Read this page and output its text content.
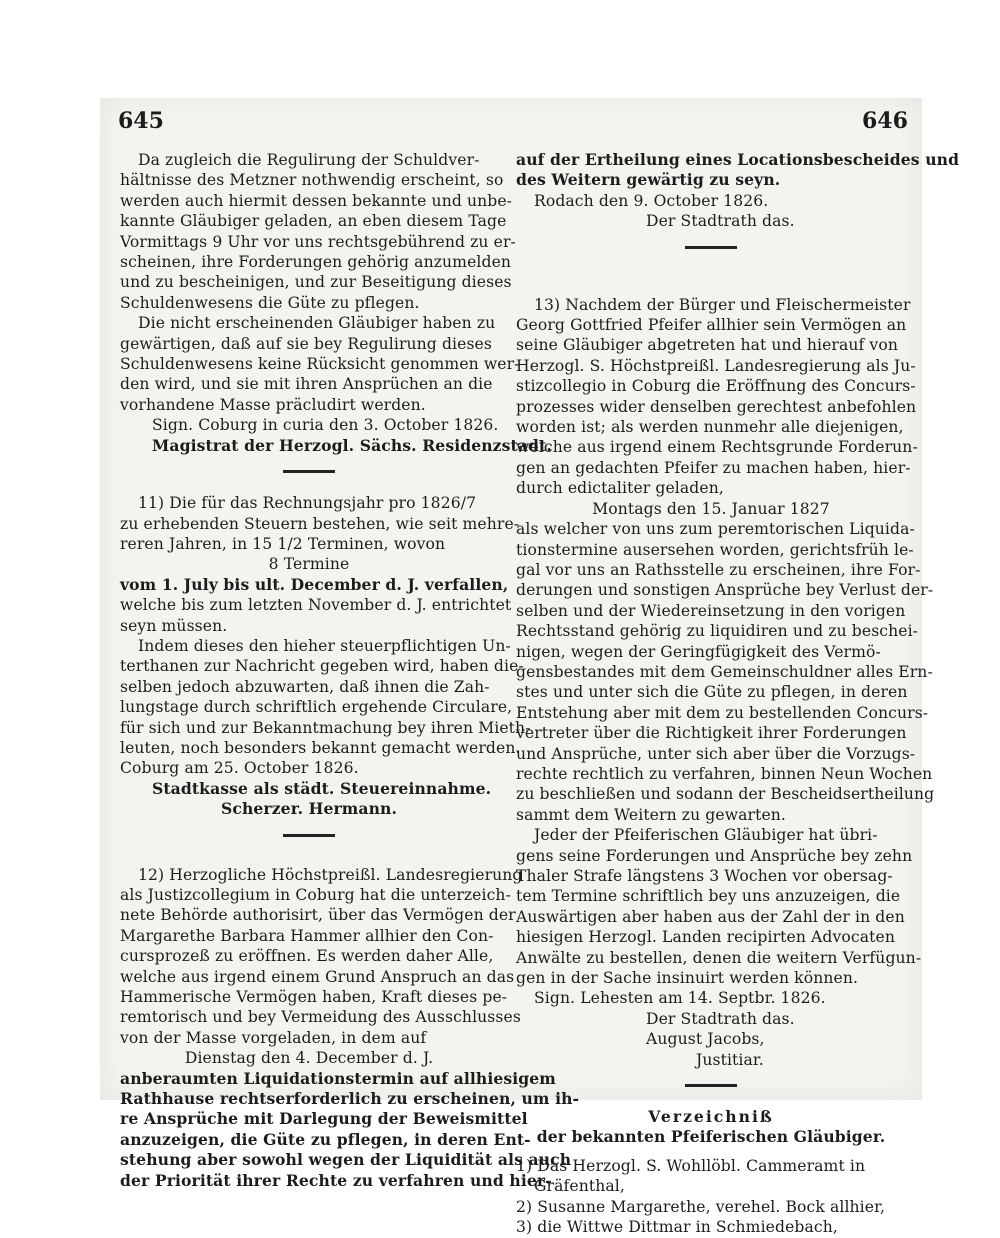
645	646
Da zugleich die Regulirung der Schuldver-
hältnisse des Metzner nothwendig erscheint, so
werden auch hiermit dessen bekannte und unbe-
kannte Gläubiger geladen, an eben diesem Tage
Vormittags 9 Uhr vor uns rechtsgebührend zu er-
scheinen, ihre Forderungen gehörig anzumelden
und zu bescheinigen, und zur Beseitigung dieses
Schuldenwesens die Güte zu pflegen.
Die nicht erscheinenden Gläubiger haben zu
gewärtigen, daß auf sie bey Regulirung dieses
Schuldenwesens keine Rücksicht genommen wer-
den wird, und sie mit ihren Ansprüchen an die
vorhandene Masse präcludirt werden.
Sign. Coburg in curia den 3. October 1826.
Magistrat der Herzogl. Sächs. Residenzstadt.
11) Die für das Rechnungsjahr pro 1826/7
zu erhebenden Steuern bestehen, wie seit mehre-
reren Jahren, in 15 1/2 Terminen, wovon
8 Termine
vom 1. July bis ult. December d. J. verfallen,
welche bis zum letzten November d. J. entrichtet
seyn müssen.
Indem dieses den hieher steuerpflichtigen Un-
terthanen zur Nachricht gegeben wird, haben die-
selben jedoch abzuwarten, daß ihnen die Zah-
lungstage durch schriftlich ergehende Circulare,
für sich und zur Bekanntmachung bey ihren Mieth-
leuten, noch besonders bekannt gemacht werden.
Coburg am 25. October 1826.
Stadtkasse als städt. Steuereinnahme.
Scherzer. Hermann.
12) Herzogliche Höchstpreißl. Landesregierung
als Justizcollegium in Coburg hat die unterzeich-
nete Behörde authorisirt, über das Vermögen der
Margarethe Barbara Hammer allhier den Con-
cursprozeß zu eröffnen. Es werden daher Alle,
welche aus irgend einem Grund Anspruch an das
Hammerische Vermögen haben, Kraft dieses pe-
remtorisch und bey Vermeidung des Ausschlusses
von der Masse vorgeladen, in dem auf
Dienstag den 4. December d. J.
anberaumten Liquidationstermin auf allhiesigem
Rathhause rechtserforderlich zu erscheinen, um ih-
re Ansprüche mit Darlegung der Beweismittel
anzuzeigen, die Güte zu pflegen, in deren Ent-
stehung aber sowohl wegen der Liquidität als auch
der Priorität ihrer Rechte zu verfahren und hier-
auf der Ertheilung eines Locationsbescheides und
des Weitern gewärtig zu seyn.
Rodach den 9. October 1826.
Der Stadtrath das.
13) Nachdem der Bürger und Fleischermeister
Georg Gottfried Pfeifer allhier sein Vermögen an
seine Gläubiger abgetreten hat und hierauf von
Herzogl. S. Höchstpreißl. Landesregierung als Ju-
stizcollegio in Coburg die Eröffnung des Concurs-
prozesses wider denselben gerechtest anbefohlen
worden ist; als werden nunmehr alle diejenigen,
welche aus irgend einem Rechtsgrunde Forderun-
gen an gedachten Pfeifer zu machen haben, hier-
durch edictaliter geladen,
Montags den 15. Januar 1827
als welcher von uns zum peremtorischen Liquida-
tionstermine ausersehen worden, gerichtsfrüh le-
gal vor uns an Rathsstelle zu erscheinen, ihre For-
derungen und sonstigen Ansprüche bey Verlust der-
selben und der Wiedereinsetzung in den vorigen
Rechtsstand gehörig zu liquidiren und zu beschei-
nigen, wegen der Geringfügigkeit des Vermö-
gensbestandes mit dem Gemeinschuldner alles Ern-
stes und unter sich die Güte zu pflegen, in deren
Entstehung aber mit dem zu bestellenden Concurs-
vertreter über die Richtigkeit ihrer Forderungen
und Ansprüche, unter sich aber über die Vorzugs-
rechte rechtlich zu verfahren, binnen Neun Wochen
zu beschließen und sodann der Bescheidsertheilung
sammt dem Weitern zu gewarten.
Jeder der Pfeiferischen Gläubiger hat übri-
gens seine Forderungen und Ansprüche bey zehn
Thaler Strafe längstens 3 Wochen vor obersag-
tem Termine schriftlich bey uns anzuzeigen, die
Auswärtigen aber haben aus der Zahl der in den
hiesigen Herzogl. Landen recipirten Advocaten
Anwälte zu bestellen, denen die weitern Verfügun-
gen in der Sache insinuirt werden können.
Sign. Lehesten am 14. Septbr. 1826.
Der Stadtrath das.
August Jacobs,
Justitiar.
Verzeichniß
der bekannten Pfeiferischen Gläubiger.
1) Das Herzogl. S. Wohllöbl. Cammeramt in
Gräfenthal,
2) Susanne Margarethe, verehel. Bock allhier,
3) die Wittwe Dittmar in Schmiedebach,
